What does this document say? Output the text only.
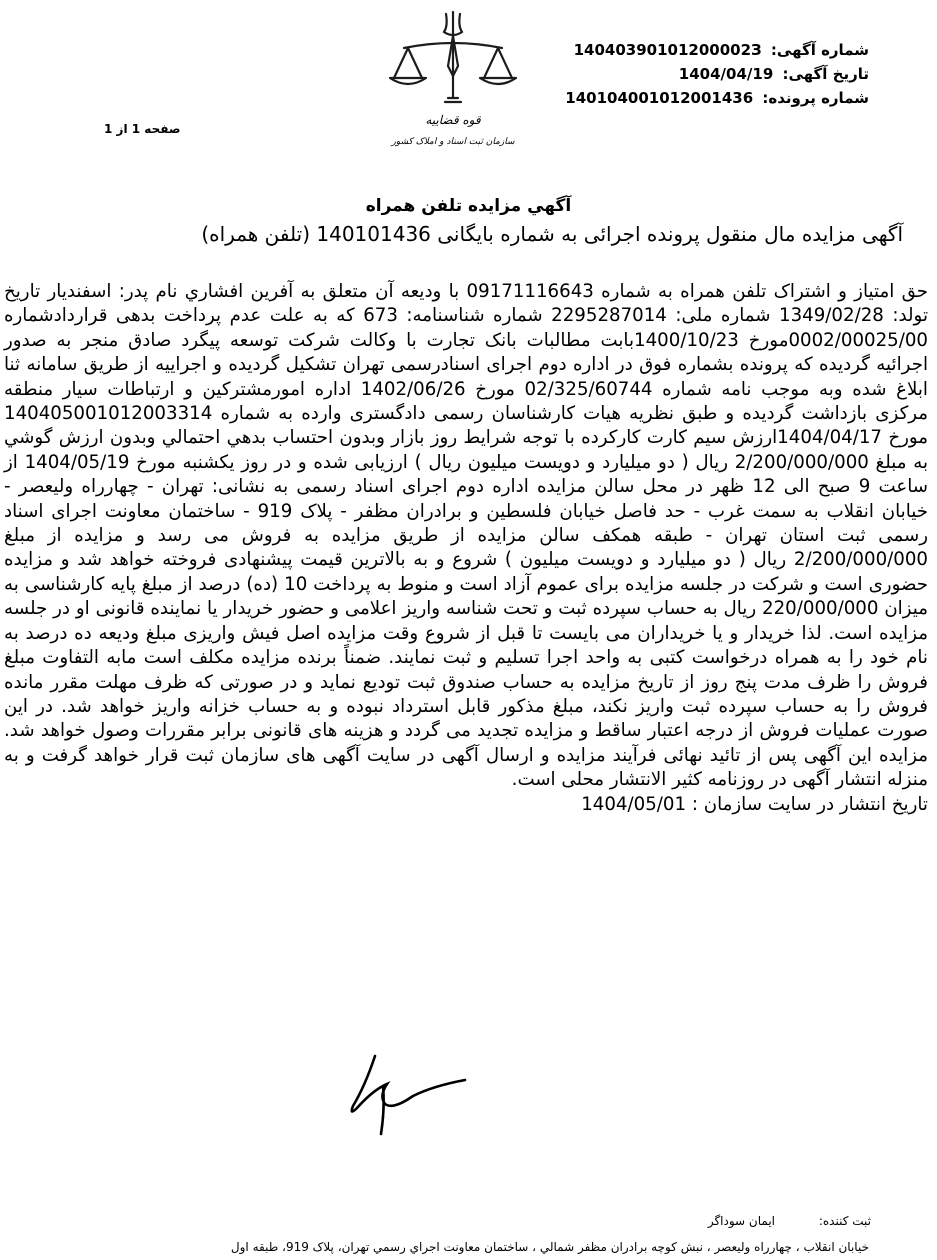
شماره آگهی: 14040390101200002З
تاریخ آگهی: 1404/04/19
شماره پرونده: 140104001012001436
قوه قضاییه
سازمان ثبت اسناد و املاک کشور
صفحه 1 از 1
آگهي مزايده تلفن همراه
آگهی مزایده مال منقول پرونده اجرائی به شماره بایگانی 140101436 (تلفن همراه)
حق امتياز و اشتراک تلفن همراه به شماره 09171116643 با ودیعه آن متعلق به آفرین افشاري نام پدر: اسفنديار تاريخ تولد: 1349/02/28 شماره ملی: 2295287014 شماره شناسنامه: 673 که به علت عدم پرداخت بدهی قراردادشماره 0002/00025/00مورخ 1400/10/23بابت مطالبات بانک تجارت با وکالت شرکت توسعه پیگرد صادق منجر به صدور اجرائیه گردیده که پرونده بشماره فوق در اداره دوم اجرای اسنادرسمی تهران تشکیل گردیده و اجراییه از طریق سامانه ثنا ابلاغ شده وبه موجب نامه شماره 02/325/60744 مورخ 1402/06/26 اداره امورمشترکین و ارتباطات سیار منطقه مرکزی بازداشت گردیده و طبق نظریه هیات کارشناسان رسمی دادگستری وارده به شماره 140405001012003314 مورخ 1404/04/17ارزش سیم کارت کارکرده با توجه شرایط روز بازار وبدون احتساب بدهي احتمالي وبدون ارزش گوشي به مبلغ 2/200/000/000 ریال ( دو میلیارد و دویست میلیون ریال ) ارزيابی شده و در روز یکشنبه مورخ 1404/05/19 از ساعت 9 صبح الی 12 ظهر در محل سالن مزایده اداره دوم اجرای اسناد رسمی به نشانی: تهران - چهارراه ولیعصر - خیابان انقلاب به سمت غرب - حد فاصل خیابان فلسطین و برادران مظفر - پلاک 919 - ساختمان معاونت اجرای اسناد رسمی ثبت استان تهران - طبقه همکف سالن مزایده از طریق مزایده به فروش می رسد و مزایده از مبلغ 2/200/000/000 ریال ( دو میلیارد و دویست میلیون ) شروع و به بالاترین قیمت پیشنهادی فروخته خواهد شد و مزایده حضوری است و شرکت در جلسه مزایده برای عموم آزاد است و منوط به پرداخت 10 (ده) درصد از مبلغ پایه کارشناسی به میزان 220/000/000 ریال به حساب سپرده ثبت و تحت شناسه واریز اعلامی و حضور خریدار یا نماینده قانونی او در جلسه مزایده است. لذا خریدار و یا خریداران می بایست تا قبل از شروع وقت مزایده اصل فیش واریزی مبلغ ودیعه ده درصد به نام خود را به همراه درخواست کتبی به واحد اجرا تسلیم و ثبت نمایند. ضمناً برنده مزایده مکلف است مابه التفاوت مبلغ فروش را ظرف مدت پنج روز از تاریخ مزایده به حساب صندوق ثبت تودیع نماید و در صورتی که ظرف مهلت مقرر مانده فروش را به حساب سپرده ثبت واریز نکند، مبلغ مذکور قابل استرداد نبوده و به حساب خزانه واریز خواهد شد. در این صورت عملیات فروش از درجه اعتبار ساقط و مزایده تجدید می گردد و هزینه های قانونی برابر مقررات وصول خواهد شد. مزایده این آگهی پس از تائید نهائی فرآیند مزایده و ارسال آگهی در سایت آگهی های سازمان ثبت قرار خواهد گرفت و به منزله انتشار آگهی در روزنامه کثیر الانتشار محلی است.
تاریخ انتشار در سایت سازمان : 1404/05/01
ثبت کننده: ایمان سوداگر
خیابان انقلاب ، چهارراه ولیعصر ، نبش کوچه برادران مظفر شمالي ، ساختمان معاونت اجراي رسمي تهران، پلاک 919، طبقه اول
